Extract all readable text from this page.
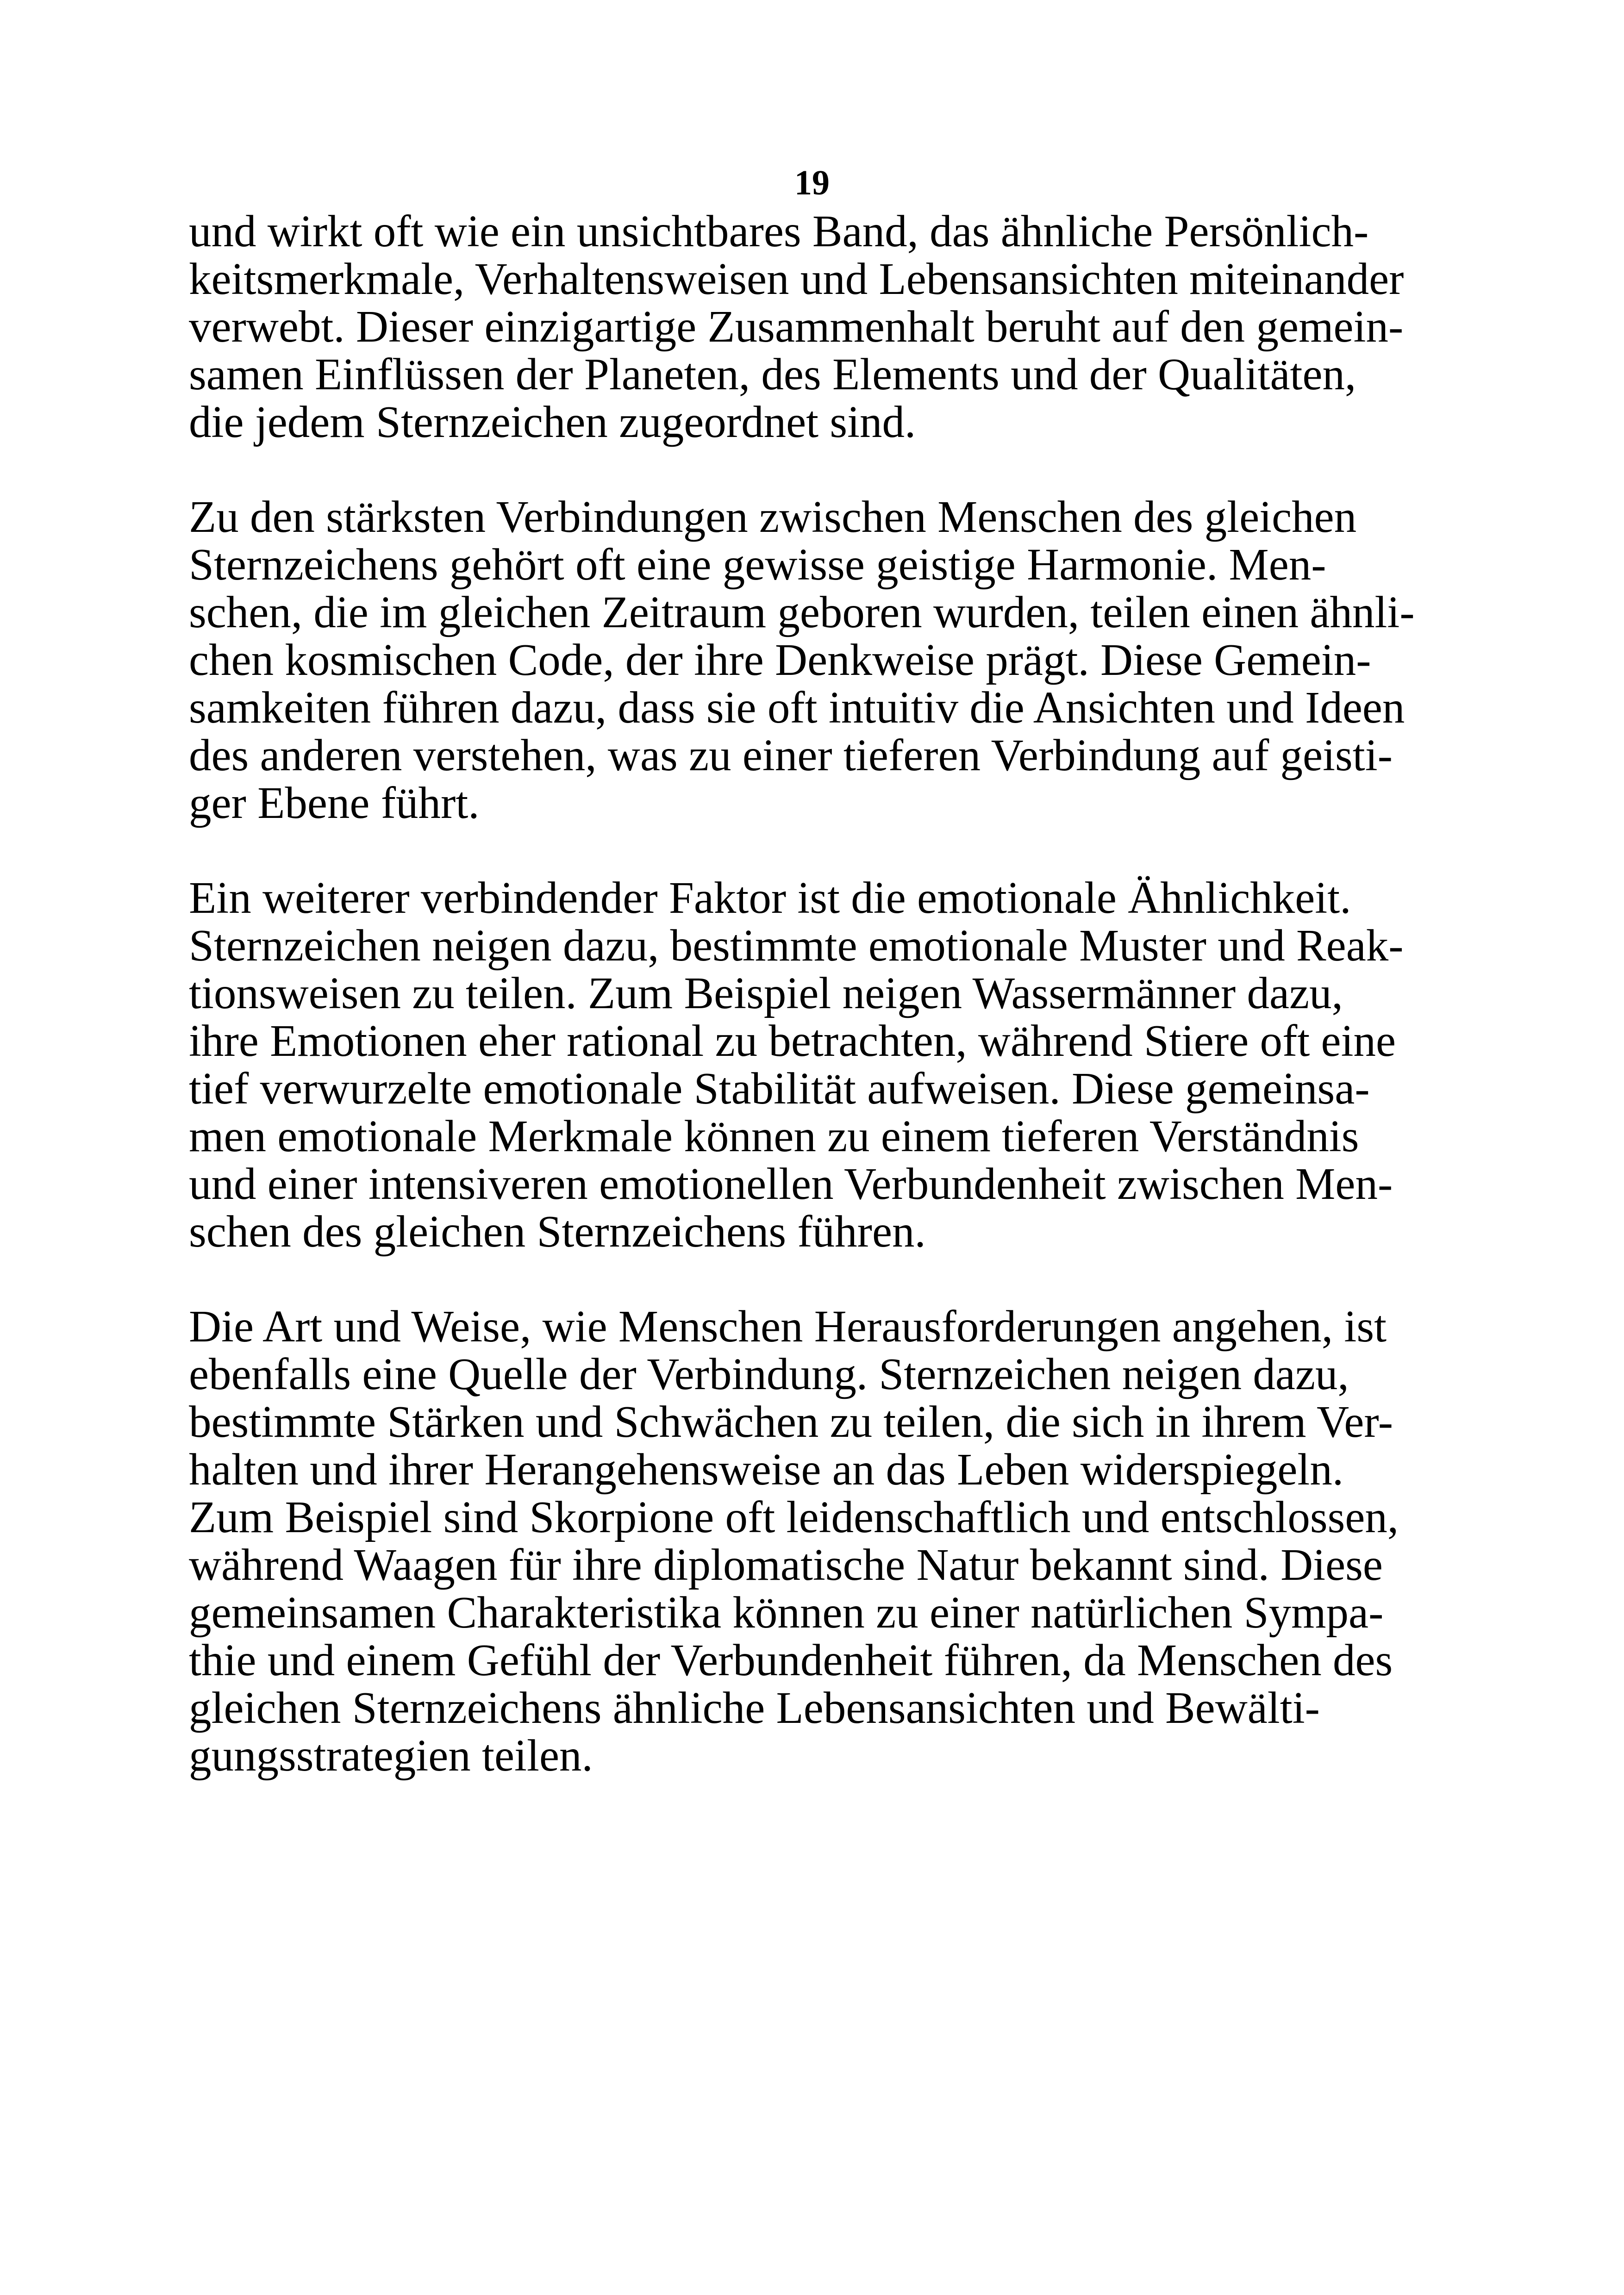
19

und wirkt oft wie ein unsichtbares Band, das ähnliche Persönlich-
keitsmerkmale, Verhaltensweisen und Lebensansichten miteinander
verwebt. Dieser einzigartige Zusammenhalt beruht auf den gemein-
samen Einflüssen der Planeten, des Elements und der Qualitäten,
die jedem Sternzeichen zugeordnet sind.

Zu den stärksten Verbindungen zwischen Menschen des gleichen
Sternzeichens gehört oft eine gewisse geistige Harmonie. Men-
schen, die im gleichen Zeitraum geboren wurden, teilen einen ähnli-
chen kosmischen Code, der ihre Denkweise prägt. Diese Gemein-
samkeiten führen dazu, dass sie oft intuitiv die Ansichten und Ideen
des anderen verstehen, was zu einer tieferen Verbindung auf geisti-
ger Ebene führt.

Ein weiterer verbindender Faktor ist die emotionale Ähnlichkeit.
Sternzeichen neigen dazu, bestimmte emotionale Muster und Reak-
tionsweisen zu teilen. Zum Beispiel neigen Wassermänner dazu,
ihre Emotionen eher rational zu betrachten, während Stiere oft eine
tief verwurzelte emotionale Stabilität aufweisen. Diese gemeinsa-
men emotionale Merkmale können zu einem tieferen Verständnis
und einer intensiveren emotionellen Verbundenheit zwischen Men-
schen des gleichen Sternzeichens führen.

Die Art und Weise, wie Menschen Herausforderungen angehen, ist
ebenfalls eine Quelle der Verbindung. Sternzeichen neigen dazu,
bestimmte Stärken und Schwächen zu teilen, die sich in ihrem Ver-
halten und ihrer Herangehensweise an das Leben widerspiegeln.
Zum Beispiel sind Skorpione oft leidenschaftlich und entschlossen,
während Waagen für ihre diplomatische Natur bekannt sind. Diese
gemeinsamen Charakteristika können zu einer natürlichen Sympa-
thie und einem Gefühl der Verbundenheit führen, da Menschen des
gleichen Sternzeichens ähnliche Lebensansichten und Bewälti-
gungsstrategien teilen.
